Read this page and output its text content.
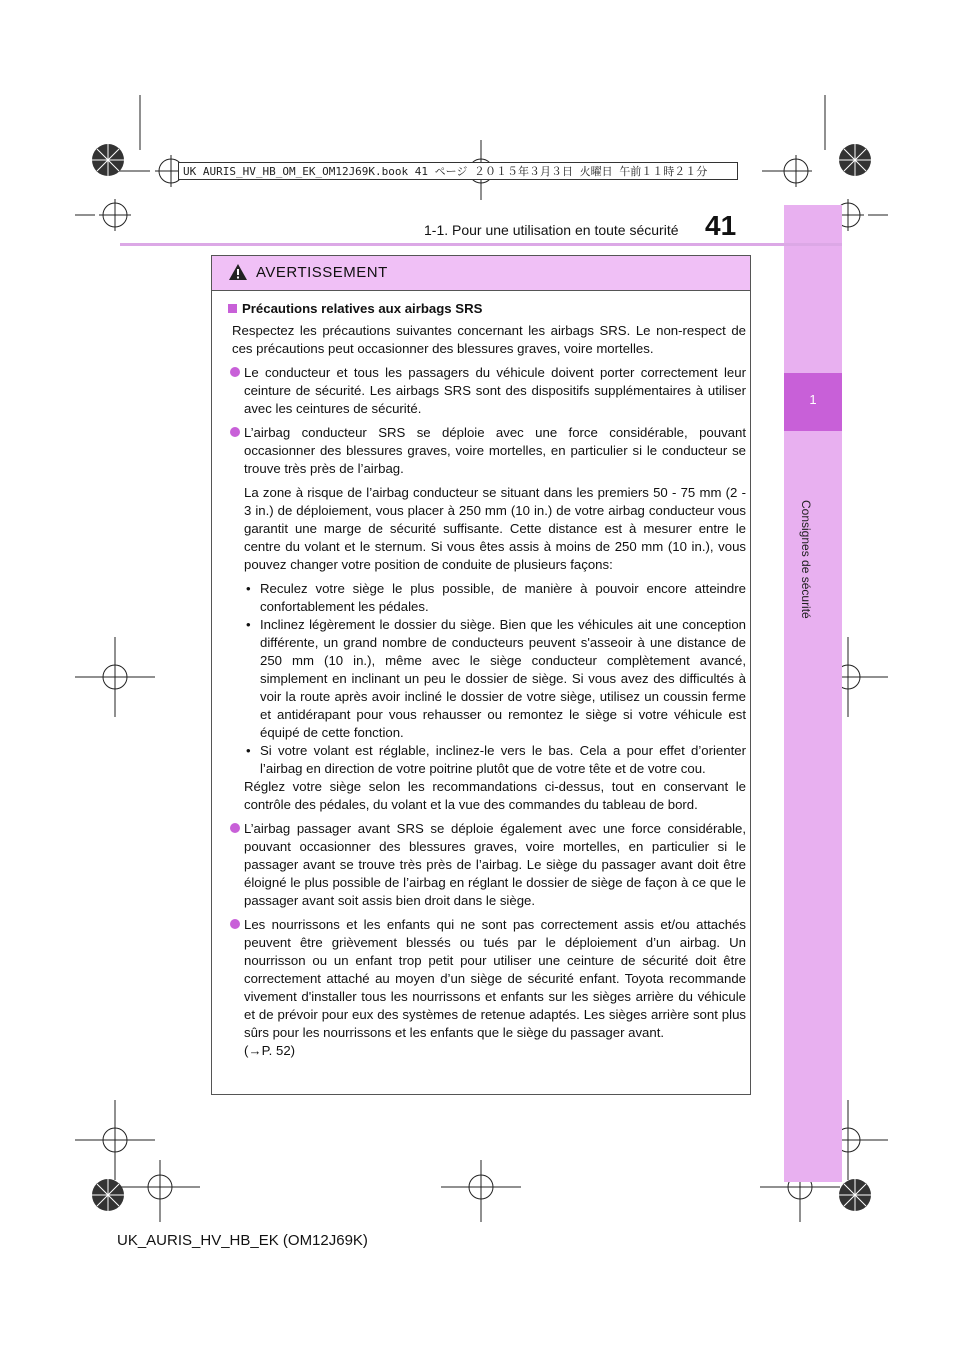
UK AURIS_HV_HB_OM_EK_OM12J69K.book 41 ページ ２０１５年３月３日 火曜日 午前１１時２１分
1
Consignes de sécurité
1-1. Pour une utilisation en toute sécurité 41
AVERTISSEMENT
Précautions relatives aux airbags SRS

Respectez les précautions suivantes concernant les airbags SRS. Le non-respect de ces précautions peut occasionner des blessures graves, voire mortelles.

Le conducteur et tous les passagers du véhicule doivent porter correctement leur ceinture de sécurité. Les airbags SRS sont des dispositifs supplémentaires à utiliser avec les ceintures de sécurité.
L’airbag conducteur SRS se déploie avec une force considérable, pouvant occasionner des blessures graves, voire mortelles, en particulier si le conducteur se trouve très près de l’airbag.

La zone à risque de l’airbag conducteur se situant dans les premiers 50 - 75 mm (2 - 3 in.) de déploiement, vous placer à 250 mm (10 in.) de votre airbag conducteur vous garantit une marge de sécurité suffisante. Cette distance est à mesurer entre le centre du volant et le sternum. Si vous êtes assis à moins de 250 mm (10 in.), vous pouvez changer votre position de conduite de plusieurs façons:

• Reculez votre siège le plus possible, de manière à pouvoir encore atteindre confortablement les pédales.
• Inclinez légèrement le dossier du siège. Bien que les véhicules ait une conception différente, un grand nombre de conducteurs peuvent s'asseoir à une distance de 250 mm (10 in.), même avec le siège conducteur complètement avancé, simplement en inclinant un peu le dossier de siège. Si vous avez des difficultés à voir la route après avoir incliné le dossier de votre siège, utilisez un coussin ferme et antidérapant pour vous rehausser ou remontez le siège si votre véhicule est équipé de cette fonction.
• Si votre volant est réglable, inclinez-le vers le bas. Cela a pour effet d’orienter l’airbag en direction de votre poitrine plutôt que de votre tête et de votre cou.

Réglez votre siège selon les recommandations ci-dessus, tout en conservant le contrôle des pédales, du volant et la vue des commandes du tableau de bord.

L’airbag passager avant SRS se déploie également avec une force considérable, pouvant occasionner des blessures graves, voire mortelles, en particulier si le passager avant se trouve très près de l’airbag. Le siège du passager avant doit être éloigné le plus possible de l’airbag en réglant le dossier de siège de façon à ce que le passager avant soit assis bien droit dans le siège.
Les nourrissons et les enfants qui ne sont pas correctement assis et/ou attachés peuvent être grièvement blessés ou tués par le déploiement d’un airbag. Un nourrisson ou un enfant trop petit pour utiliser une ceinture de sécurité doit être correctement attaché au moyen d’un siège de sécurité enfant. Toyota recommande vivement d'installer tous les nourrissons et enfants sur les sièges arrière du véhicule et de prévoir pour eux des systèmes de retenue adaptés. Les sièges arrière sont plus sûrs pour les nourrissons et les enfants que le siège du passager avant.
(→P. 52)
UK_AURIS_HV_HB_EK (OM12J69K)
